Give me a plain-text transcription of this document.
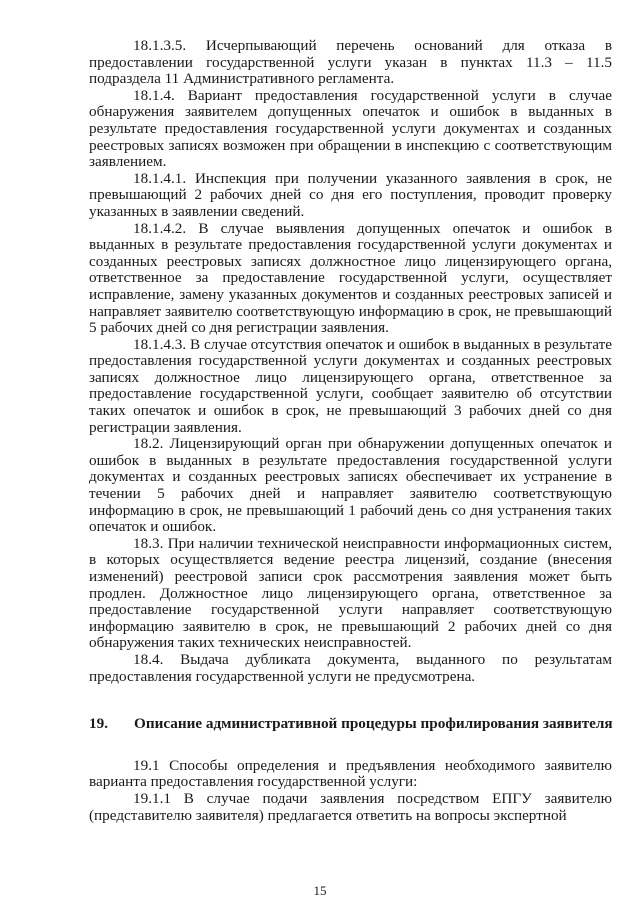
18.1.3.5. Исчерпывающий перечень оснований для отказа в предоставлении государственной услуги указан в пунктах 11.3 – 11.5 подраздела 11 Административного регламента.

18.1.4. Вариант предоставления государственной услуги в случае обнаружения заявителем допущенных опечаток и ошибок в выданных в результате предоставления государственной услуги документах и созданных реестровых записях возможен при обращении в инспекцию с соответствующим заявлением.

18.1.4.1. Инспекция при получении указанного заявления в срок, не превышающий 2 рабочих дней со дня его поступления, проводит проверку указанных в заявлении сведений.

18.1.4.2. В случае выявления допущенных опечаток и ошибок в выданных в результате предоставления государственной услуги документах и созданных реестровых записях должностное лицо лицензирующего органа, ответственное за предоставление государственной услуги, осуществляет исправление, замену указанных документов и созданных реестровых записей и направляет заявителю соответствующую информацию в срок, не превышающий 5 рабочих дней со дня регистрации заявления.

18.1.4.3. В случае отсутствия опечаток и ошибок в выданных в результате предоставления государственной услуги документах и созданных реестровых записях должностное лицо лицензирующего органа, ответственное за предоставление государственной услуги, сообщает заявителю об отсутствии таких опечаток и ошибок в срок, не превышающий 3 рабочих дней со дня регистрации заявления.

18.2. Лицензирующий орган при обнаружении допущенных опечаток и ошибок в выданных в результате предоставления государственной услуги документах и созданных реестровых записях обеспечивает их устранение в течении 5 рабочих дней и направляет заявителю соответствующую информацию в срок, не превышающий 1 рабочий день со дня устранения таких опечаток и ошибок.

18.3. При наличии технической неисправности информационных систем, в которых осуществляется ведение реестра лицензий, создание (внесения изменений) реестровой записи срок рассмотрения заявления может быть продлен. Должностное лицо лицензирующего органа, ответственное за предоставление государственной услуги направляет соответствующую информацию заявителю в срок, не превышающий 2 рабочих дней со дня обнаружения таких технических неисправностей.

18.4. Выдача дубликата документа, выданного по результатам предоставления государственной услуги не предусмотрена.

19.	Описание административной процедуры профилирования заявителя

19.1 Способы определения и предъявления необходимого заявителю варианта предоставления государственной услуги:

19.1.1 В случае подачи заявления посредством ЕПГУ заявителю (представителю заявителя) предлагается ответить на вопросы экспертной

15
